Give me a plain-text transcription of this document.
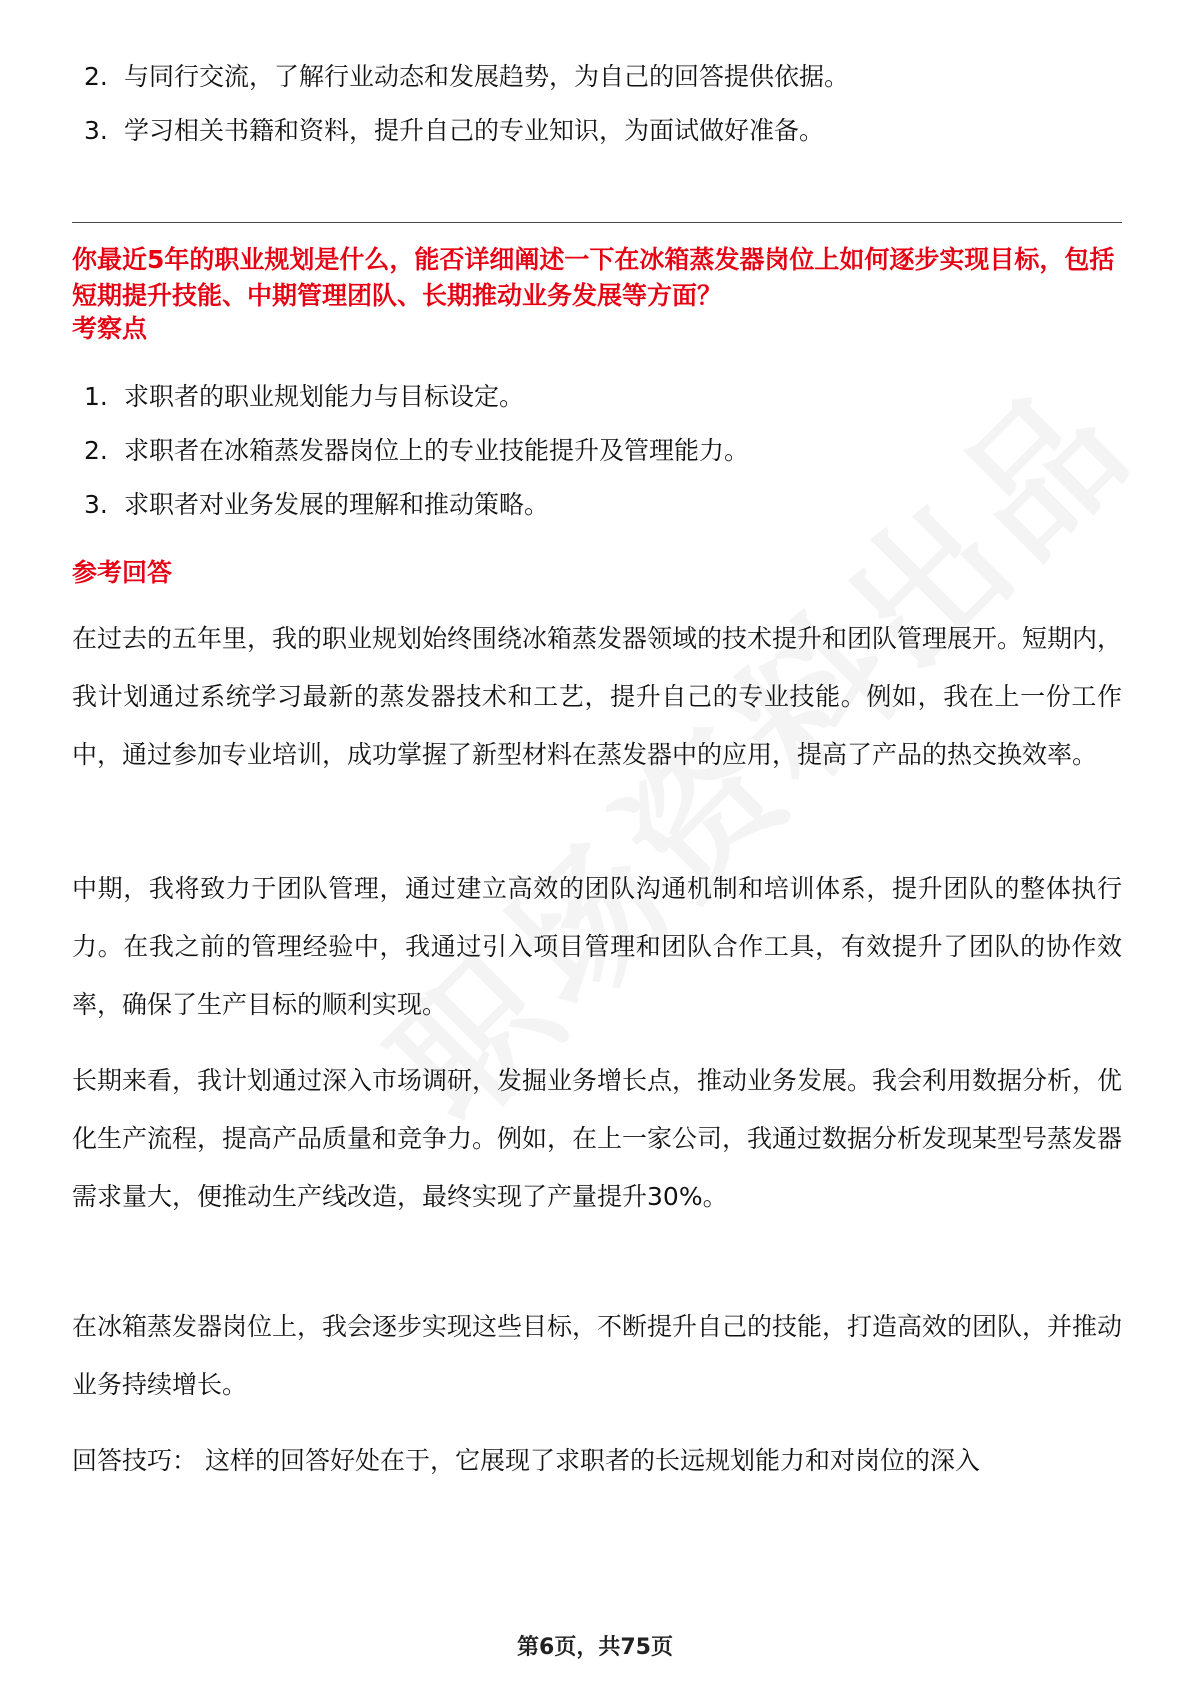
2. 与同行交流，了解行业动态和发展趋势，为自己的回答提供依据。
3. 学习相关书籍和资料，提升自己的专业知识，为面试做好准备。
你最近5年的职业规划是什么，能否详细阐述一下在冰箱蒸发器岗位上如何逐步实现目标，包括短期提升技能、中期管理团队、长期推动业务发展等方面？
考察点
1. 求职者的职业规划能力与目标设定。
2. 求职者在冰箱蒸发器岗位上的专业技能提升及管理能力。
3. 求职者对业务发展的理解和推动策略。
参考回答
在过去的五年里，我的职业规划始终围绕冰箱蒸发器领域的技术提升和团队管理展开。短期内，我计划通过系统学习最新的蒸发器技术和工艺，提升自己的专业技能。例如，我在上一份工作中，通过参加专业培训，成功掌握了新型材料在蒸发器中的应用，提高了产品的热交换效率。
中期，我将致力于团队管理，通过建立高效的团队沟通机制和培训体系，提升团队的整体执行力。在我之前的管理经验中，我通过引入项目管理和团队合作工具，有效提升了团队的协作效率，确保了生产目标的顺利实现。
长期来看，我计划通过深入市场调研，发掘业务增长点，推动业务发展。我会利用数据分析，优化生产流程，提高产品质量和竞争力。例如，在上一家公司，我通过数据分析发现某型号蒸发器需求量大，便推动生产线改造，最终实现了产量提升30%。
在冰箱蒸发器岗位上，我会逐步实现这些目标，不断提升自己的技能，打造高效的团队，并推动业务持续增长。
回答技巧： 这样的回答好处在于，它展现了求职者的长远规划能力和对岗位的深入
第6页，共75页
